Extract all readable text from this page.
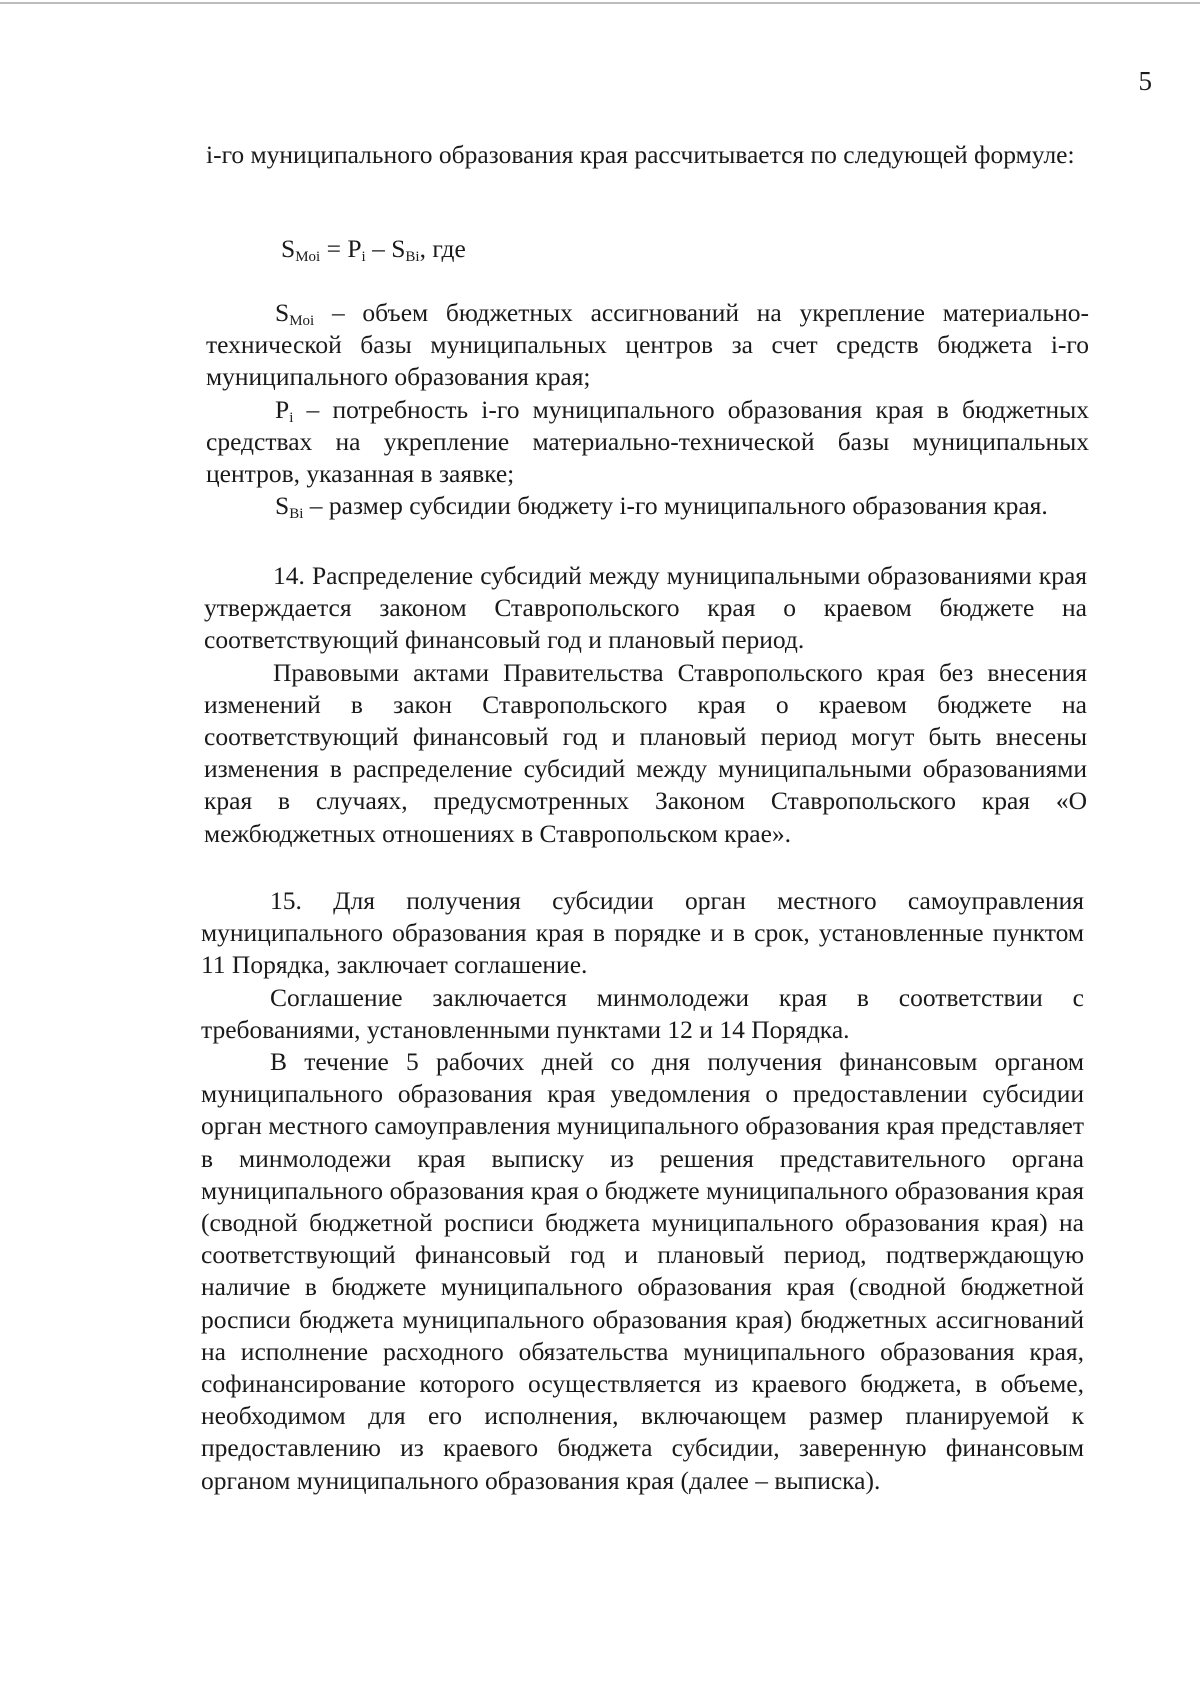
5

i-го муниципального образования края рассчитывается по следующей формуле:

$S_{Moi} = P_i - S_{Bi}$, где

$S_{Moi}$ – объем бюджетных ассигнований на укрепление материально-технической базы муниципальных центров за счет средств бюджета i-го муниципального образования края;

$P_i$ – потребность i-го муниципального образования края в бюджетных средствах на укрепление материально-технической базы муниципальных центров, указанная в заявке;

$S_{Bi}$ – размер субсидии бюджету i-го муниципального образования края.

14. Распределение субсидий между муниципальными образованиями края утверждается законом Ставропольского края о краевом бюджете на соответствующий финансовый год и плановый период.

Правовыми актами Правительства Ставропольского края без внесения изменений в закон Ставропольского края о краевом бюджете на соответствующий финансовый год и плановый период могут быть внесены изменения в распределение субсидий между муниципальными образованиями края в случаях, предусмотренных Законом Ставропольского края «О межбюджетных отношениях в Ставропольском крае».

15. Для получения субсидии орган местного самоуправления муниципального образования края в порядке и в срок, установленные пунктом 11 Порядка, заключает соглашение.

Соглашение заключается минмолодежи края в соответствии с требованиями, установленными пунктами 12 и 14 Порядка.

В течение 5 рабочих дней со дня получения финансовым органом муниципального образования края уведомления о предоставлении субсидии орган местного самоуправления муниципального образования края представляет в минмолодежи края выписку из решения представительного органа муниципального образования края о бюджете муниципального образования края (сводной бюджетной росписи бюджета муниципального образования края) на соответствующий финансовый год и плановый период, подтверждающую наличие в бюджете муниципального образования края (сводной бюджетной росписи бюджета муниципального образования края) бюджетных ассигнований на исполнение расходного обязательства муниципального образования края, софинансирование которого осуществляется из краевого бюджета, в объеме, необходимом для его исполнения, включающем размер планируемой к предоставлению из краевого бюджета субсидии, заверенную финансовым органом муниципального образования края (далее – выписка).
